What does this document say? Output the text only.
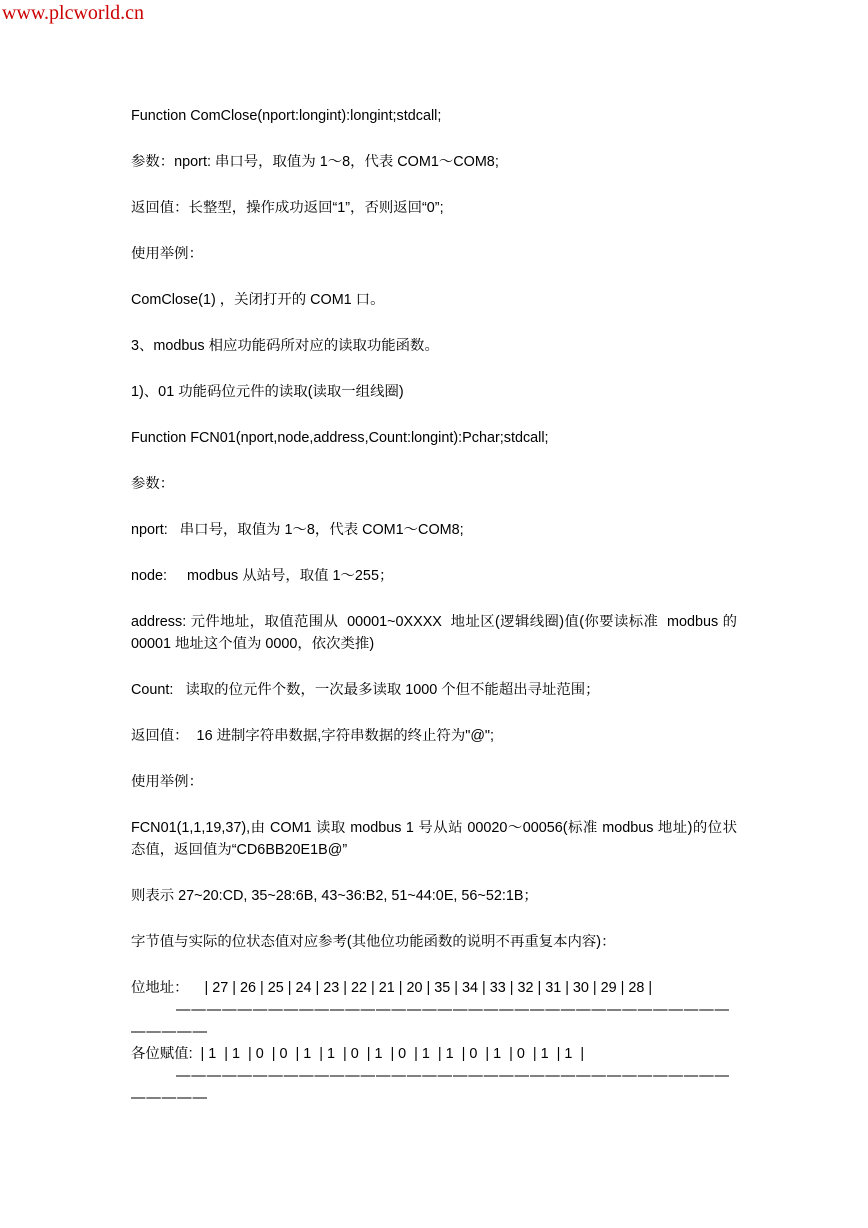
www.plcworld.cn

Function ComClose(nport:longint):longint;stdcall;

参数：nport: 串口号，取值为 1～8，代表 COM1～COM8;

返回值：长整型，操作成功返回“1”，否则返回“0”;

使用举例：

ComClose(1) ，关闭打开的 COM1 口。

3、modbus 相应功能码所对应的读取功能函数。

1)、01 功能码位元件的读取(读取一组线圈)

Function FCN01(nport,node,address,Count:longint):Pchar;stdcall;

参数：

nport:   串口号，取值为 1～8，代表 COM1～COM8;

node:     modbus 从站号，取值 1～255；

address: 元件地址，取值范围从  00001~0XXXX  地址区(逻辑线圈)值(你要读标准  modbus 的 00001 地址这个值为 0000，依次类推)

Count:   读取的位元件个数，一次最多读取 1000 个但不能超出寻址范围；

返回值：  16 进制字符串数据,字符串数据的终止符为"@";

使用举例：

FCN01(1,1,19,37),由 COM1 读取 modbus 1 号从站 00020～00056(标准 modbus 地址)的位状态值，返回值为“CD6BB20E1B@”

则表示 27~20:CD, 35~28:6B, 43~36:B2, 51~44:0E, 56~52:1B；

字节值与实际的位状态值对应参考(其他位功能函数的说明不再重复本内容)：

位地址：    | 27 | 26 | 25 | 24 | 23 | 22 | 21 | 20 | 35 | 34 | 33 | 32 | 31 | 30 | 29 | 28 |

――――――――――――――――――――――――――――――――――――

―――――

各位赋值:  | 1  | 1  | 0  | 0  | 1  | 1  | 0  | 1  | 0  | 1  | 1  | 0  | 1  | 0  | 1  | 1  |

――――――――――――――――――――――――――――――――――――

―――――
